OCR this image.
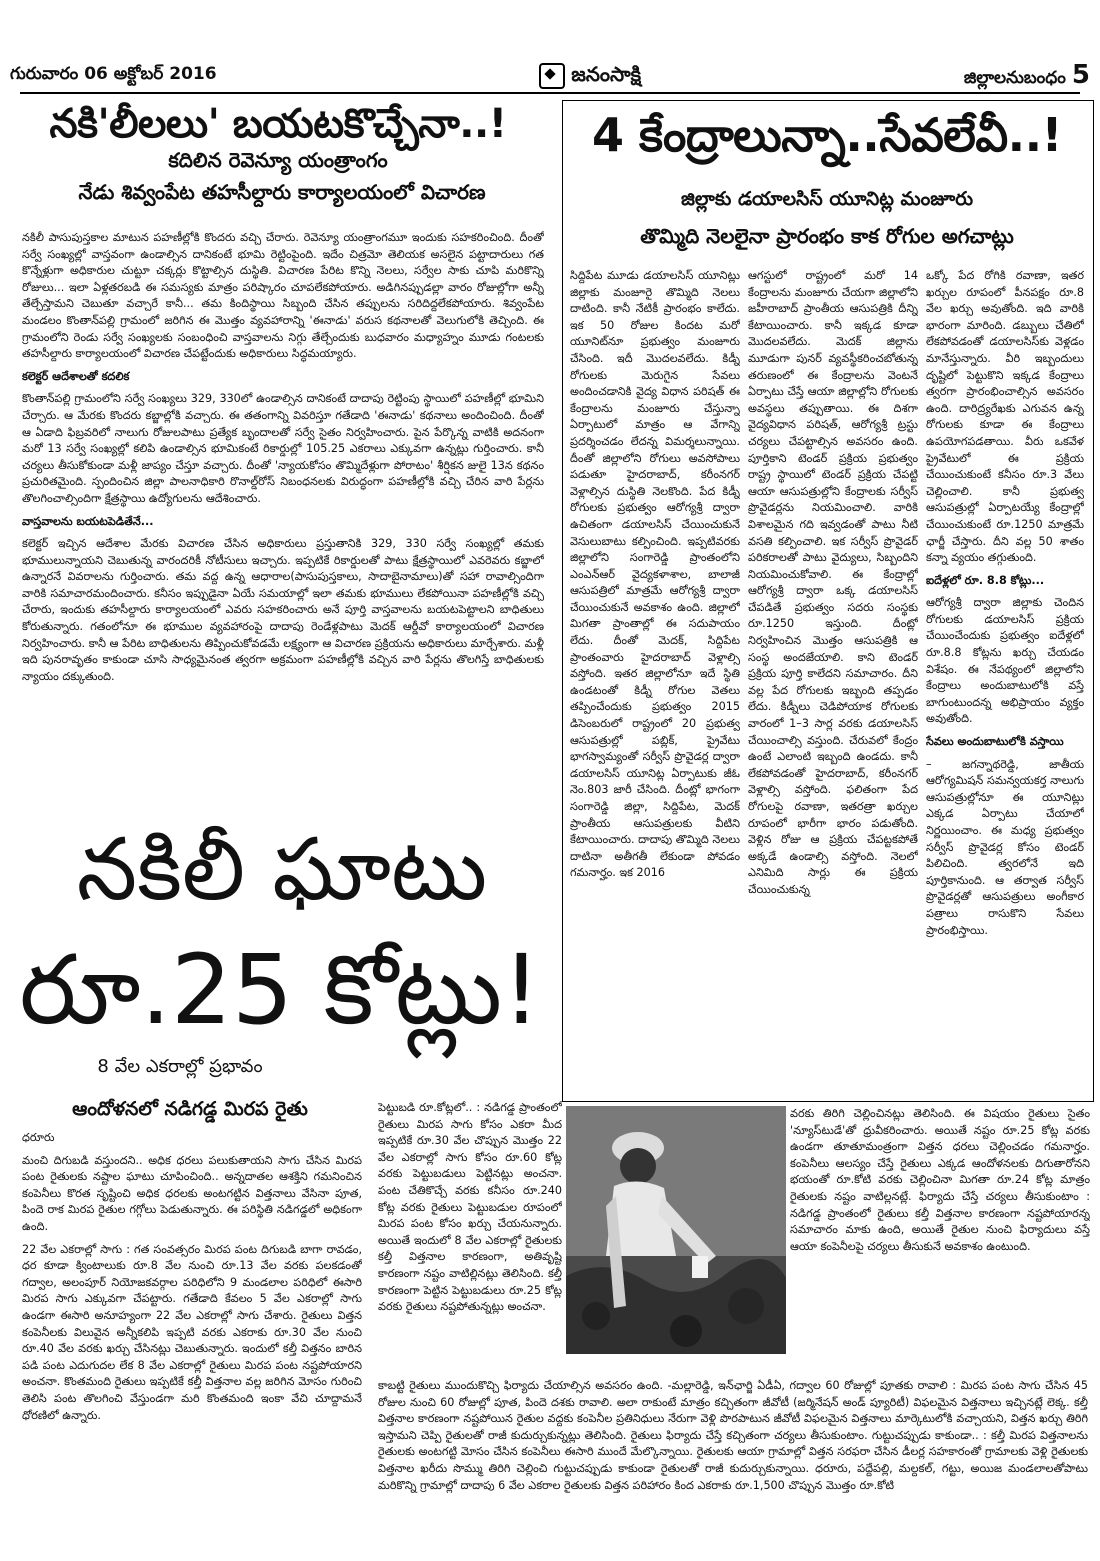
గురువారం 06 అక్టోబర్ 2016	జనంసాక్షి	జిల్లాలనుబంధం 5
నకి'లీలలు' బయటకొచ్చేనా..!
కదిలిన రెవెన్యూ యంత్రాంగం
నేడు శివ్వంపేట తహసీల్దారు కార్యాలయంలో విచారణ

నకిలీ పాసుపుస్తకాల మాటున పహణీల్లోకి కొందరు వచ్చి చేరారు. రెవెన్యూ యంత్రాంగమూ ఇందుకు సహకరించింది. దీంతో సర్వే సంఖ్యల్లో వాస్తవంగా ఉండాల్సిన దానికంటే భూమి రెట్టింపైంది. ఇదేం చిత్రమో తెలియక అసలైన పట్టాదారులు గత కొన్నేళ్లుగా అధికారుల చుట్టూ చక్కర్లు కొట్టాల్సిన దుస్థితి. విచారణ పేరిట కొన్ని నెలలు, సర్వేల సాకు చూపి మరికొన్ని రోజులు... ఇలా ఏళ్లతరబడి ఈ సమస్యకు మాత్రం పరిష్కారం చూపలేకపోయారు. అడిగినప్పుడల్లా వారం రోజుల్లోగా అన్నీ తేల్చేస్తామని చెబుతూ వచ్చారే కానీ... తమ కిందిస్థాయి సిబ్బంది చేసిన తప్పులను సరిదిద్దలేకపోయారు. శివ్వంపేట మండలం కొంతాన్‌పల్లి గ్రామంలో జరిగిన ఈ మొత్తం వ్యవహారాన్ని 'ఈనాడు' వరుస కథనాలతో వెలుగులోకి తెచ్చింది. ఈ గ్రామంలోని రెండు సర్వే సంఖ్యలకు సంబంధించి వాస్తవాలను నిగ్గు తేల్చేందుకు బుధవారం మధ్యాహ్నం మూడు గంటలకు తహసీల్దారు కార్యాలయంలో విచారణ చేపట్టేందుకు అధికారులు సిద్ధమయ్యారు.

కలెక్టర్ ఆదేశాలతో కదలిక

కొంతాన్‌పల్లి గ్రామంలోని సర్వే సంఖ్యలు 329, 330లో ఉండాల్సిన దానికంటే దాదాపు రెట్టింపు స్థాయిలో పహణీల్లో భూమిని చేర్చారు. ఆ మేరకు కొందరు కబ్జాల్లోకి వచ్చారు. ఈ తతంగాన్ని వివరిస్తూ గతేడాది 'ఈనాడు' కథనాలు అందించింది. దీంతో ఆ ఏడాది ఫిబ్రవరిలో నాలుగు రోజులపాటు ప్రత్యేక బృందాలతో సర్వే సైతం నిర్వహించారు. పైన పేర్కొన్న వాటికి అదనంగా మరో 13 సర్వే సంఖ్యల్లో కలిపి ఉండాల్సిన భూమికంటే రికార్డుల్లో 105.25 ఎకరాలు ఎక్కువగా ఉన్నట్లు గుర్తించారు. కానీ చర్యలు తీసుకోకుండా మళ్లీ జాప్యం చేస్తూ వచ్చారు. దీంతో 'న్యాయకోసం తొమ్మిదేళ్లుగా పోరాటం' శీర్షికన జులై 13న కథనం ప్రచురితమైంది. స్పందించిన జిల్లా పాలనాధికారి రొనాల్డ్‌రోస్ నిబంధనలకు విరుద్ధంగా పహణీల్లోకి వచ్చి చేరిన వారి పేర్లను తొలగించాల్సిందిగా క్షేత్రస్థాయి ఉద్యోగులను ఆదేశించారు.

వాస్తవాలను బయటపెడితేనే...

కలెక్టర్ ఇచ్చిన ఆదేశాల మేరకు విచారణ చేసిన అధికారులు ప్రస్తుతానికి 329, 330 సర్వే సంఖ్యల్లో తమకు భూములున్నాయని చెబుతున్న వారందరికీ నోటీసులు ఇచ్చారు. ఇప్పటికే రికార్డులతో పాటు క్షేత్రస్థాయిలో ఎవరెవరు కబ్జాలో ఉన్నారనే వివరాలను గుర్తించారు. తమ వద్ద ఉన్న ఆధారాల(పాసుపుస్తకాలు, సాదాబైనామాలు)తో సహా రావాల్సిందిగా వారికి సమాచారమందించారు. కనీసం ఇప్పుడైనా ఏయే సమయాల్లో ఇలా తమకు భూములు లేకపోయినా పహణీల్లోకి వచ్చి చేరారు, ఇందుకు తహసీల్దారు కార్యాలయంలో ఎవరు సహకరించారు అనే పూర్తి వాస్తవాలను బయటపెట్టాలని బాధితులు కోరుతున్నారు. గతంలోనూ ఈ భూముల వ్యవహారంపై దాదాపు రెండేళ్లపాటు మెదక్ ఆర్డీవో కార్యాలయంలో విచారణ నిర్వహించారు. కానీ ఆ పేరిట బాధితులను తిప్పించుకోవడమే లక్ష్యంగా ఆ విచారణ ప్రక్రియను అధికారులు మార్చేశారు. మళ్లీ ఇది పునరావృతం కాకుండా చూసి సాధ్యమైనంత త్వరగా అక్రమంగా పహణీల్లోకి వచ్చిన వారి పేర్లను తొలగిస్తే బాధితులకు న్యాయం దక్కుతుంది.

4 కేంద్రాలున్నా..సేవలేవీ..!
జిల్లాకు డయాలసిస్ యూనిట్ల మంజూరు
తొమ్మిది నెలలైనా ప్రారంభం కాక రోగుల అగచాట్లు

సిద్దిపేట మూడు డయాలసిస్ యూనిట్లు జిల్లాకు మంజూరై తొమ్మిది నెలలు దాటింది. కానీ నేటికీ ప్రారంభం కాలేదు. ఇక 50 రోజుల కిందట మరో యూనిట్‌నూ ప్రభుత్వం మంజూరు చేసింది. ఇదీ మొదలవలేదు. కిడ్నీ రోగులకు మెరుగైన సేవలు అందించడానికి వైద్య విధాన పరిషత్ ఈ కేంద్రాలను మంజూరు చేస్తున్నా ఏర్పాటులో మాత్రం ఆ వేగాన్ని ప్రదర్శించడం లేదన్న విమర్శలున్నాయి. దీంతో జిల్లాలోని రోగులు అవసోపాలు పడుతూ హైదరాబాద్, కరీంనగర్ వెళ్లాల్సిన దుస్థితి నెలకొంది. పేద కిడ్నీ రోగులకు ప్రభుత్వం ఆరోగ్యశ్రీ ద్వారా ఉచితంగా డయాలసిస్ చేయించుకునే వెసులుబాటు కల్పించింది. ఇప్పటివరకు జిల్లాలోని సంగారెడ్డి ప్రాంతంలోని ఎంఎన్ఆర్ వైద్యకళాశాల, బాలాజీ ఆసుపత్రిలో మాత్రమే ఆరోగ్యశ్రీ ద్వారా చేయించుకునే అవకాశం ఉంది. జిల్లాలో మిగతా ప్రాంతాల్లో ఈ సదుపాయం లేదు. దీంతో మెదక్, సిద్దిపేట ప్రాంతంవారు హైదరాబాద్ వెళ్లాల్సి వస్తోంది. ఇతర జిల్లాలోనూ ఇదే స్థితి ఉండటంతో కిడ్నీ రోగుల వెతలు తప్పించేందుకు ప్రభుత్వం 2015 డిసెంబరులో రాష్ట్రంలో 20 ప్రభుత్వ ఆసుపత్రుల్లో పబ్లిక్, ప్రైవేటు భాగస్వామ్యంతో సర్వీస్ ప్రొవైడర్ల ద్వారా డయాలసిస్ యూనిట్ల ఏర్పాటుకు జీఓ నెం.803 జారీ చేసింది. దీంట్లో భాగంగా సంగారెడ్డి జిల్లా, సిద్దిపేట, మెదక్ ప్రాంతీయ ఆసుపత్రులకు వీటిని కేటాయించారు. దాదాపు తొమ్మిది నెలలు దాటినా అతీగతీ లేకుండా పోవడం గమనార్హం. ఇక 2016

ఆగస్టులో రాష్ట్రంలో మరో 14 కేంద్రాలను మంజూరు చేయగా జిల్లాలోని జహీరాబాద్ ప్రాంతీయ ఆసుపత్రికి దీన్ని కేటాయించారు. కానీ ఇక్కడ కూడా మొదలవలేదు. మెదక్ జిల్లాను మూడుగా పునర్ వ్యవస్థీకరించబోతున్న తరుణంలో ఈ కేంద్రాలను వెంటనే ఏర్పాటు చేస్తే ఆయా జిల్లాల్లోని రోగులకు అవస్థలు తప్పుతాయి. ఈ దిశగా వైద్యవిధాన పరిషత్, ఆరోగ్యశ్రీ ట్రస్టు చర్యలు చేపట్టాల్సిన అవసరం ఉంది. పూర్తికాని టెండర్ ప్రక్రియ ప్రభుత్వం రాష్ట్ర స్థాయిలో టెండర్ ప్రక్రియ చేపట్టి ఆయా ఆసుపత్రుల్లోని కేంద్రాలకు సర్వీస్ ప్రొవైడర్లను నియమించాలి. వారికి విశాలమైన గది ఇవ్వడంతో పాటు నీటి వసతి కల్పించాలి. ఇక సర్వీస్ ప్రొవైడర్ పరికరాలతో పాటు వైద్యులు, సిబ్బందిని నియమించుకోవాలి. ఈ కేంద్రాల్లో ఆరోగ్యశ్రీ ద్వారా ఒక్క డయాలసిస్ చేపడితే ప్రభుత్వం సదరు సంస్థకు రూ.1250 ఇస్తుంది. దీంట్లో నిర్వహించిన మొత్తం ఆసుపత్రికి ఆ సంస్థ అందజేయాలి. కాని టెండర్ ప్రక్రియ పూర్తి కాలేదని సమాచారం. దీని వల్ల పేద రోగులకు ఇబ్బంది తప్పడం లేదు. కిడ్నీలు చెడిపోయాక రోగులకు వారంలో 1–3 సార్ల వరకు డయాలసిస్ చేయించాల్సి వస్తుంది. చేరువలో కేంద్రం ఉంటే ఎలాంటి ఇబ్బంది ఉండదు. కానీ లేకపోవడంతో హైదరాబాద్, కరీంనగర్ వెళ్లాల్సి వస్తోంది. ఫలితంగా పేద రోగులపై రవాణా, ఇతరత్రా ఖర్చుల రూపంలో భారీగా భారం పడుతోంది. వెళ్లిన రోజు ఆ ప్రక్రియ చేపట్టకపోతే అక్కడే ఉండాల్సి వస్తోంది. నెలలో ఎనిమిది సార్లు ఈ ప్రక్రియ చేయించుకున్న

ఒక్కో పేద రోగికి రవాణా, ఇతర ఖర్చుల రూపంలో పీనపక్షం రూ.8 వేల ఖర్చు అవుతోంది. ఇది వారికి భారంగా మారింది. డబ్బులు చేతిలో లేకపోవడంతో డయాలసిస్‌కు వెళ్లడం మానేస్తున్నారు. వీరి ఇబ్బందులు దృష్టిలో పెట్టుకొని ఇక్కడ కేంద్రాలు త్వరగా ప్రారంభించాల్సిన అవసరం ఉంది. దారిద్ర్యరేఖకు ఎగువన ఉన్న రోగులకు కూడా ఈ కేంద్రాలు ఉపయోగపడతాయి. వీరు ఒకవేళ ప్రైవేటులో ఈ ప్రక్రియ చేయించుకుంటే కనీసం రూ.3 వేలు చెల్లించాలి. కానీ ప్రభుత్వ ఆసుపత్రుల్లో ఏర్పాటయ్యే కేంద్రాల్లో చేయించుకుంటే రూ.1250 మాత్రమే ఛార్జీ చేస్తారు. దీని వల్ల 50 శాతం కన్నా వ్యయం తగ్గుతుంది.

ఐదేళ్లలో రూ. 8.8 కోట్లు...

ఆరోగ్యశ్రీ ద్వారా జిల్లాకు చెందిన రోగులకు డయాలసిస్ ప్రక్రియ చేయించేందుకు ప్రభుత్వం ఐదేళ్లలో రూ.8.8 కోట్లను ఖర్చు చేయడం విశేషం. ఈ నేపథ్యంలో జిల్లాలోని కేంద్రాలు అందుబాటులోకి వస్తే బాగుంటుందన్న అభిప్రాయం వ్యక్తం అవుతోంది.

సేవలు అందుబాటులోకి వస్తాయి

– జగన్నాథరెడ్డి, జాతీయ ఆరోగ్యమిషన్ సమన్వయకర్త నాలుగు ఆసుపత్రుల్లోనూ ఈ యూనిట్లు ఎక్కడ ఏర్పాటు చేయాలో నిర్ణయించాం. ఈ మధ్య ప్రభుత్వం సర్వీస్ ప్రొవైడర్ల కోసం టెండర్ పిలిచింది. త్వరలోనే ఇది పూర్తికానుంది. ఆ తర్వాత సర్వీస్ ప్రొవైడర్లతో ఆసుపత్రులు అంగీకార పత్రాలు రాసుకొని సేవలు ప్రారంభిస్తాయి.

నకిలీ ఘాటు
రూ.25 కోట్లు!
8 వేల ఎకరాల్లో ప్రభావం
ఆందోళనలో నడిగడ్డ మిరప రైతు

ధరూరు

మంచి దిగుబడి వస్తుందని.. అధిక ధరలు పలుకుతాయని సాగు చేసిన మిరప పంట రైతులకు నష్టాల ఘాటు చూపించింది.. అన్నదాతల ఆశక్తిని గమనించిన కంపెనీలు కొరత సృష్టించి అధిక ధరలకు అంటగట్టిన విత్తనాలు వేసినా పూత, పిందె రాక మిరప రైతుల గగ్గోలు పెడుతున్నారు. ఈ పరిస్థితి నడిగడ్డలో అధికంగా ఉంది.

22 వేల ఎకరాల్లో సాగు : గత సంవత్సరం మిరప పంట దిగుబడి బాగా రావడం, ధర కూడా క్వింటాలుకు రూ.8 వేల నుంచి రూ.13 వేల వరకు పలకడంతో గద్వాల, అలంపూర్ నియోజకవర్గాల పరిధిలోని 9 మండలాల పరిధిలో ఈసారి మిరప సాగు ఎక్కువగా చేపట్టారు. గతేడాది కేవలం 5 వేల ఎకరాల్లో సాగు ఉండగా ఈసారి అనూహ్యంగా 22 వేల ఎకరాల్లో సాగు చేశారు. రైతులు విత్తన కంపెనీలకు విలువైన అన్నీకలిపి ఇప్పటి వరకు ఎకరాకు రూ.30 వేల నుంచి రూ.40 వేల వరకు ఖర్చు చేసినట్లు చెబుతున్నారు. ఇందులో కల్తీ విత్తనం బారిన పడి పంట ఎదుగుదల లేక 8 వేల ఎకరాల్లో రైతులు మిరప పంట నష్టపోయారని అంచనా. కొంతమంది రైతులు ఇప్పటికే కల్తీ విత్తనాల వల్ల జరిగిన మోసం గురించి తెలిసి పంట తొలగించి వేస్తుండగా మరి కొంతమంది ఇంకా వేచి చూద్దామనే ధోరణిలో ఉన్నారు.

పెట్టుబడి రూ.కోట్లలో.. : నడిగడ్డ ప్రాంతంలో రైతులు మిరప సాగు కోసం ఎకరా మీద ఇప్పటికే రూ.30 వేల చొప్పున మొత్తం 22 వేల ఎకరాల్లో సాగు కోసం రూ.60 కోట్ల వరకు పెట్టుబడులు పెట్టినట్లు అంచనా. పంట చేతికొచ్చే వరకు కనీసం రూ.240 కోట్ల వరకు రైతులు పెట్టుబడుల రూపంలో మిరప పంట కోసం ఖర్చు చేయనున్నారు. అయితే ఇందులో 8 వేల ఎకరాల్లో రైతులకు కల్తీ విత్తనాల కారణంగా, అతివృష్టి కారణంగా నష్టం వాటిల్లినట్లు తెలిసింది. కల్తీ కారణంగా పెట్టిన పెట్టుబడులు రూ.25 కోట్ల వరకు రైతులు నష్టపోతున్నట్లు అంచనా.

వరకు తిరిగి చెల్లించినట్లు తెలిసింది. ఈ విషయం రైతులు సైతం 'న్యూస్‌టుడే'తో ధ్రువీకరించారు. అయితే నష్టం రూ.25 కోట్ల వరకు ఉండగా తూతూమంత్రంగా విత్తన ధరలు చెల్లించడం గమనార్హం. కంపెనీలు ఆలస్యం చేస్తే రైతులు ఎక్కడ ఆందోళనలకు దిగుతారోనని భయంతో రూ.కోటి వరకు చెల్లించినా మిగతా రూ.24 కోట్ల మాత్రం రైతులకు నష్టం వాటిల్లనట్లే. ఫిర్యాదు చేస్తే చర్యలు తీసుకుంటాం : నడిగడ్డ ప్రాంతంలో రైతులు కల్తీ విత్తనాల కారణంగా నష్టపోయారన్న సమాచారం మాకు ఉంది, అయితే రైతుల నుంచి ఫిర్యాదులు వస్తే ఆయా కంపెనీలపై చర్యలు తీసుకునే అవకాశం ఉంటుంది.

కాబట్టి రైతులు ముందుకొచ్చి ఫిర్యాదు చేయాల్సిన అవసరం ఉంది. -మల్లారెడ్డి, ఇన్‌ఛార్జి ఏడీఏ, గద్వాల 60 రోజుల్లో పూతకు రావాలి : మిరప పంట సాగు చేసిన 45 రోజుల నుంచి 60 రోజుల్లో పూత, పిందె దశకు రావాలి. అలా రాకుంటే మాత్రం కచ్చితంగా జీవోటీ (జర్మినేషన్ అండ్ ప్యూరిటీ) విఫలమైన విత్తనాలు ఇచ్చినట్లే లెక్క. కల్తీ విత్తనాల కారణంగా నష్టపోయిన రైతుల వద్దకు కంపెనీల ప్రతినిధులు నేరుగా వెళ్లి పొరపాటున జీవోటీ విఫలమైన విత్తనాలు మార్కెటులోకి వచ్చాయని, విత్తన ఖర్చు తిరిగి ఇస్తామని చెప్పి రైతులతో రాజీ కుదుర్చుకున్నట్లు తెలిసింది. రైతులు ఫిర్యాదు చేస్తే కచ్చితంగా చర్యలు తీసుకుంటాం. గుట్టుచప్పుడు కాకుండా.. : కల్తీ మిరప విత్తనాలను రైతులకు అంటగట్టి మోసం చేసిన కంపెనీలు ఈసారి ముందే మేల్కొన్నాయి. రైతులకు ఆయా గ్రామాల్లో విత్తన సరఫరా చేసిన డీలర్ల సహకారంతో గ్రామాలకు వెళ్లి రైతులకు విత్తనాల ఖరీదు సొమ్ము తిరిగి చెల్లించి గుట్టుచప్పుడు కాకుండా రైతులతో రాజీ కుదుర్చుకున్నాయి. ధరూరు, పద్దేపల్లి, మల్దకల్, గట్టు, అయిజ మండలాలతోపాటు మరికొన్ని గ్రామాల్లో దాదాపు 6 వేల ఎకరాల రైతులకు విత్తన పరిహారం కింద ఎకరాకు రూ.1,500 చొప్పున మొత్తం రూ.కోటి
